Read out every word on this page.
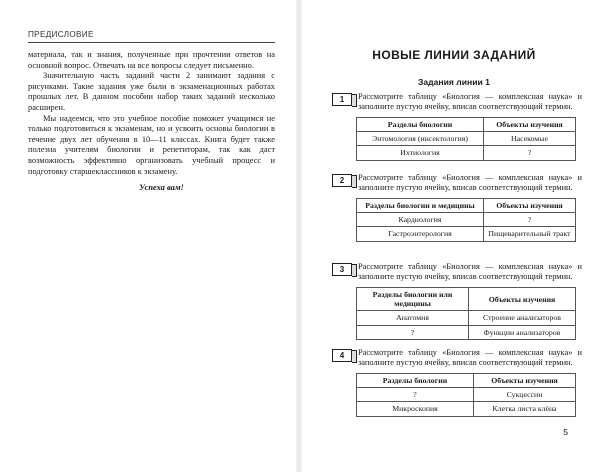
ПРЕДИСЛОВИЕ

материала, так и знания, полученные при прочтении ответов на основной вопрос. Отвечать на все вопросы следует письменно.

Значительную часть заданий части 2 занимают задания с рисунками. Такие задания уже были в экзаменационных работах прошлых лет. В данном пособии набор таких заданий несколько расширен.

Мы надеемся, что это учебное пособие поможет учащимся не только подготовиться к экзаменам, но и усвоить основы биологии в течение двух лет обучения в 10—11 классах. Книга будет также полезна учителям биологии и репетиторам, так как даст возможность эффективно организовать учебный процесс и подготовку старшеклассников к экзамену.

Успеха вам!

НОВЫЕ ЛИНИИ ЗАДАНИЙ
Задания линии 1
1	Рассмотрите таблицу «Биология — комплексная наука» и заполните пустую ячейку, вписав соответствующий термин.
Разделы биологии	Объекты изучения
Энтомология (инсектология)	Насекомые
Ихтиология	?
2	Рассмотрите таблицу «Биология — комплексная наука» и заполните пустую ячейку, вписав соответствующий термин.
Разделы биологии и медицины	Объекты изучения
Кардиология	?
Гастроэнтерология	Пищеварительный тракт
3	Рассмотрите таблицу «Биология — комплексная наука» и заполните пустую ячейку, вписав соответствующий термин.
Разделы биологии или медицины	Объекты изучения
Анатомия	Строение анализаторов
?	Функции анализаторов
4	Рассмотрите таблицу «Биология — комплексная наука» и заполните пустую ячейку, вписав соответствующий термин.
Разделы биологии	Объекты изучения
?	Сукцессии
Микроскопия	Клетка листа клёна
5
